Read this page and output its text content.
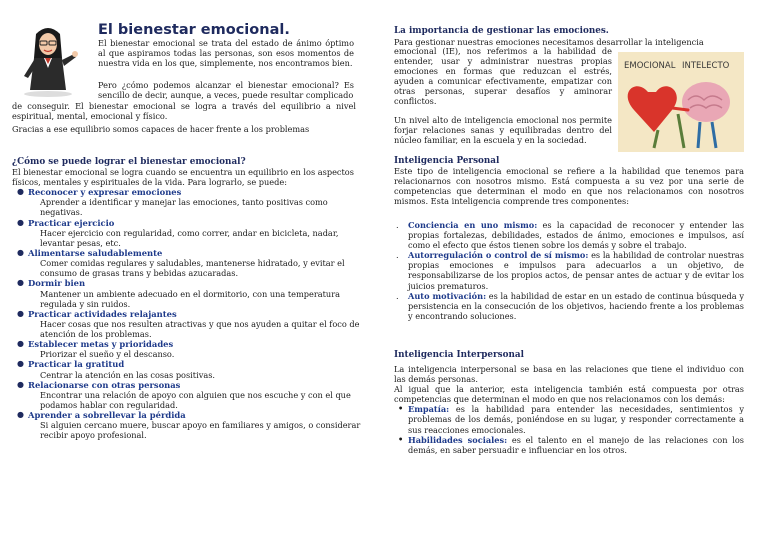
El bienestar emocional.

El bienestar emocional se trata del estado de ánimo óptimo al que aspiramos todas las personas, son esos momentos de nuestra vida en los que, simplemente, nos encontramos bien.

Pero ¿cómo podemos alcanzar el bienestar emocional? Es sencillo de decir, aunque, a veces, puede resultar complicado

de conseguir. El bienestar emocional se logra a través del equilibrio a nivel espiritual, mental, emocional y físico.

Gracias a ese equilibrio somos capaces de hacer frente a los problemas

¿Cómo se puede lograr el bienestar emocional?

El bienestar emocional se logra cuando se encuentra un equilibrio en los aspectos físicos, mentales y espirituales de la vida. Para lograrlo, se puede:

● Reconocer y expresar emociones
Aprender a identificar y manejar las emociones, tanto positivas como negativas.
● Practicar ejercicio
Hacer ejercicio con regularidad, como correr, andar en bicicleta, nadar, levantar pesas, etc.
● Alimentarse saludablemente
Comer comidas regulares y saludables, mantenerse hidratado, y evitar el consumo de grasas trans y bebidas azucaradas.
● Dormir bien
Mantener un ambiente adecuado en el dormitorio, con una temperatura regulada y sin ruidos.
● Practicar actividades relajantes
Hacer cosas que nos resulten atractivas y que nos ayuden a quitar el foco de atención de los problemas.
● Establecer metas y prioridades
Priorizar el sueño y el descanso.
● Practicar la gratitud
Centrar la atención en las cosas positivas.
● Relacionarse con otras personas
Encontrar una relación de apoyo con alguien que nos escuche y con el que podamos hablar con regularidad.
● Aprender a sobrellevar la pérdida
Si alguien cercano muere, buscar apoyo en familiares y amigos, o considerar recibir apoyo profesional.
La importancia de gestionar las emociones.

Para gestionar nuestras emociones necesitamos desarrollar la inteligencia

emocional (IE), nos referimos a la habilidad de entender, usar y administrar nuestras propias emociones en formas que reduzcan el estrés, ayuden a comunicar efectivamente, empatizar con otras personas, superar desafíos y aminorar conflictos.

Un nivel alto de inteligencia emocional nos permite forjar relaciones sanas y equilibradas dentro del núcleo familiar, en la escuela y en la sociedad.

EMOCIONAL INTELECTO
Inteligencia Personal

Este tipo de inteligencia emocional se refiere a la habilidad que tenemos para relacionarnos con nosotros mismo. Está compuesta a su vez por una serie de competencias que determinan el modo en que nos relacionamos con nosotros mismos. Esta inteligencia comprende tres componentes:

. Conciencia en uno mismo: es la capacidad de reconocer y entender las propias fortalezas, debilidades, estados de ánimo, emociones e impulsos, así como el efecto que éstos tienen sobre los demás y sobre el trabajo.
. Autorregulación o control de sí mismo: es la habilidad de controlar nuestras propias emociones e impulsos para adecuarlos a un objetivo, de responsabilizarse de los propios actos, de pensar antes de actuar y de evitar los juicios prematuros.
. Auto motivación: es la habilidad de estar en un estado de continua búsqueda y persistencia en la consecución de los objetivos, haciendo frente a los problemas y encontrando soluciones.
Inteligencia Interpersonal

La inteligencia interpersonal se basa en las relaciones que tiene el individuo con las demás personas.

Al igual que la anterior, esta inteligencia también está compuesta por otras competencias que determinan el modo en que nos relacionamos con los demás:

• Empatía: es la habilidad para entender las necesidades, sentimientos y problemas de los demás, poniéndose en su lugar, y responder correctamente a sus reacciones emocionales.
• Habilidades sociales: es el talento en el manejo de las relaciones con los demás, en saber persuadir e influenciar en los otros.
